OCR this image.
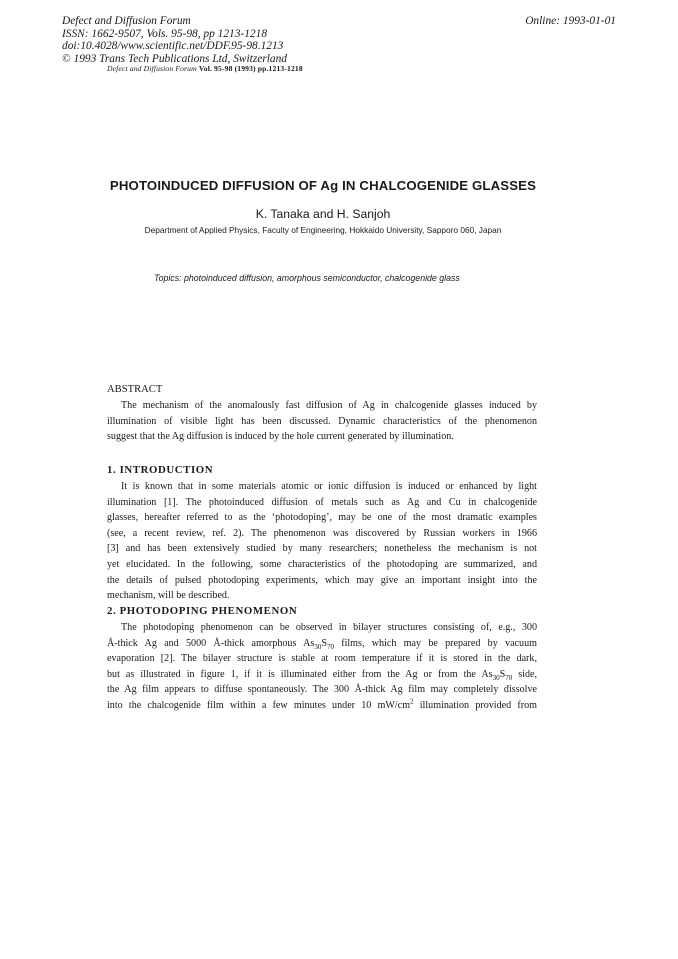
Defect and Diffusion Forum
ISSN: 1662-9507, Vols. 95-98, pp 1213-1218
doi:10.4028/www.scientific.net/DDF.95-98.1213
© 1993 Trans Tech Publications Ltd, Switzerland
Online: 1993-01-01
Defect and Diffusion Forum Vol. 95-98 (1993) pp.1213-1218
PHOTOINDUCED DIFFUSION OF Ag IN CHALCOGENIDE GLASSES
K. Tanaka and H. Sanjoh
Department of Applied Physics, Faculty of Engineering, Hokkaido University, Sapporo 060, Japan
Topics: photoinduced diffusion, amorphous semiconductor, chalcogenide glass
ABSTRACT
The mechanism of the anomalously fast diffusion of Ag in chalcogenide glasses induced by
illumination of visible light has been discussed. Dynamic characteristics of the phenomenon
suggest that the Ag diffusion is induced by the hole current generated by illumination.
1. INTRODUCTION
It is known that in some materials atomic or ionic diffusion is induced or enhanced by light
illumination [1]. The photoinduced diffusion of metals such as Ag and Cu in chalcogenide
glasses, hereafter referred to as the ‘photodoping’, may be one of the most dramatic examples
(see, a recent review, ref. 2). The phenomenon was discovered by Russian workers in 1966
[3] and has been extensively studied by many researchers; nonetheless the mechanism is not
yet elucidated. In the following, some characteristics of the photodoping are summarized, and
the details of pulsed photodoping experiments, which may give an important insight into the
mechanism, will be described.
2. PHOTODOPING PHENOMENON
The photodoping phenomenon can be observed in bilayer structures consisting of, e.g., 300
Å-thick Ag and 5000 Å-thick amorphous $As_{30}S_{70}$ films, which may be prepared by vacuum
evaporation [2]. The bilayer structure is stable at room temperature if it is stored in the dark,
but as illustrated in figure 1, if it is illuminated either from the Ag or from the $As_{30}S_{70}$ side,
the Ag film appears to diffuse spontaneously. The 300 Å-thick Ag film may completely dissolve
into the chalcogenide film within a few minutes under 10 $mW/cm^2$ illumination provided from
